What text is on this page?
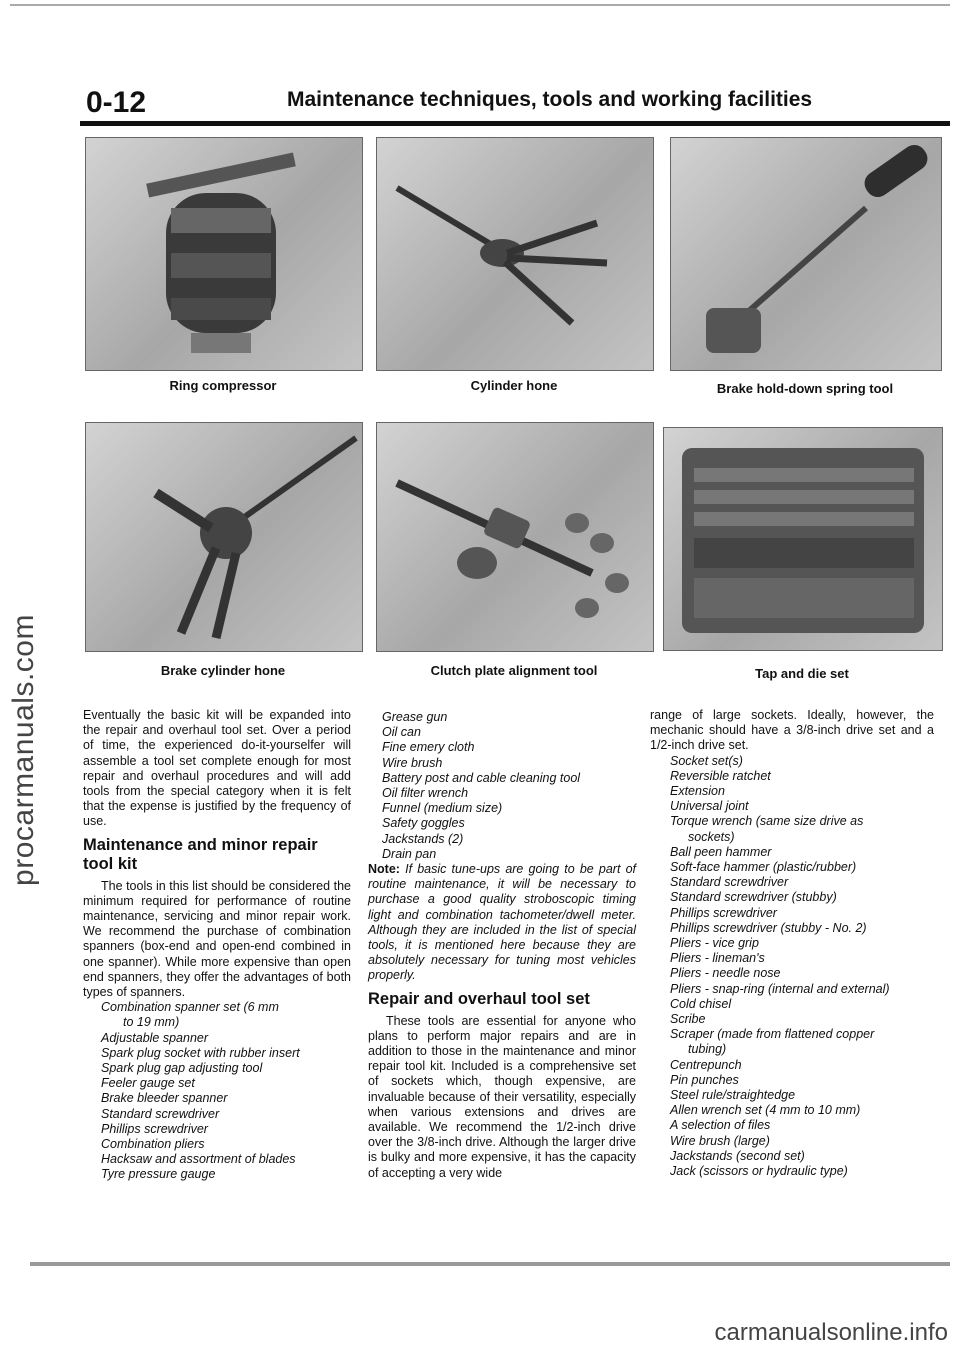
procarmanuals.com
carmanualsonline.info
0-12	Maintenance techniques, tools and working facilities
Ring compressor	Cylinder hone	Brake hold-down spring tool
Brake cylinder hone	Clutch plate alignment tool	Tap and die set

Eventually the basic kit will be expanded into the repair and overhaul tool set. Over a period of time, the experienced do-it-yourselfer will assemble a tool set complete enough for most repair and overhaul procedures and will add tools from the special category when it is felt that the expense is justified by the frequency of use.

Maintenance and minor repair tool kit

The tools in this list should be considered the minimum required for performance of routine maintenance, servicing and minor repair work. We recommend the purchase of combination spanners (box-end and open-end combined in one spanner). While more expensive than open end spanners, they offer the advantages of both types of spanners.

Combination spanner set (6 mm
to 19 mm)
Adjustable spanner
Spark plug socket with rubber insert
Spark plug gap adjusting tool
Feeler gauge set
Brake bleeder spanner
Standard screwdriver
Phillips screwdriver
Combination pliers
Hacksaw and assortment of blades
Tyre pressure gauge
Grease gun
Oil can
Fine emery cloth
Wire brush
Battery post and cable cleaning tool
Oil filter wrench
Funnel (medium size)
Safety goggles
Jackstands (2)
Drain pan

Note: If basic tune-ups are going to be part of routine maintenance, it will be necessary to purchase a good quality stroboscopic timing light and combination tachometer/dwell meter. Although they are included in the list of special tools, it is mentioned here because they are absolutely necessary for tuning most vehicles properly.

Repair and overhaul tool set

These tools are essential for anyone who plans to perform major repairs and are in addition to those in the maintenance and minor repair tool kit. Included is a comprehensive set of sockets which, though expensive, are invaluable because of their versatility, especially when various extensions and drives are available. We recommend the 1/2-inch drive over the 3/8-inch drive. Although the larger drive is bulky and more expensive, it has the capacity of accepting a very wide

range of large sockets. Ideally, however, the mechanic should have a 3/8-inch drive set and a 1/2-inch drive set.

Socket set(s)
Reversible ratchet
Extension
Universal joint
Torque wrench (same size drive as
sockets)
Ball peen hammer
Soft-face hammer (plastic/rubber)
Standard screwdriver
Standard screwdriver (stubby)
Phillips screwdriver
Phillips screwdriver (stubby - No. 2)
Pliers - vice grip
Pliers - lineman's
Pliers - needle nose
Pliers - snap-ring (internal and external)
Cold chisel
Scribe
Scraper (made from flattened copper
tubing)
Centrepunch
Pin punches
Steel rule/straightedge
Allen wrench set (4 mm to 10 mm)
A selection of files
Wire brush (large)
Jackstands (second set)
Jack (scissors or hydraulic type)
